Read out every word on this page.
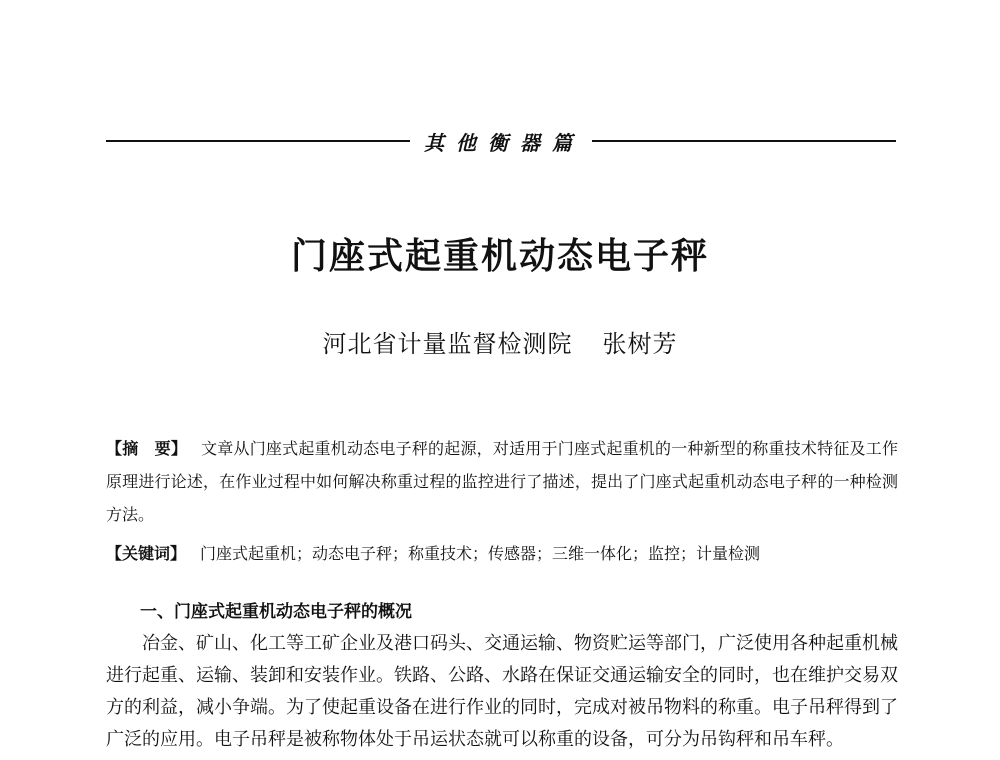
其他衡器篇
门座式起重机动态电子秤
河北省计量监督检测院 张树芳
【摘　要】 文章从门座式起重机动态电子秤的起源，对适用于门座式起重机的一种新型的称重技术特征及工作原理进行论述，在作业过程中如何解决称重过程的监控进行了描述，提出了门座式起重机动态电子秤的一种检测方法。
【关键词】 门座式起重机；动态电子秤；称重技术；传感器；三维一体化；监控；计量检测
一、门座式起重机动态电子秤的概况
冶金、矿山、化工等工矿企业及港口码头、交通运输、物资贮运等部门，广泛使用各种起重机械进行起重、运输、装卸和安装作业。铁路、公路、水路在保证交通运输安全的同时，也在维护交易双方的利益，减小争端。为了使起重设备在进行作业的同时，完成对被吊物料的称重。电子吊秤得到了广泛的应用。电子吊秤是被称物体处于吊运状态就可以称重的设备，可分为吊钩秤和吊车秤。
